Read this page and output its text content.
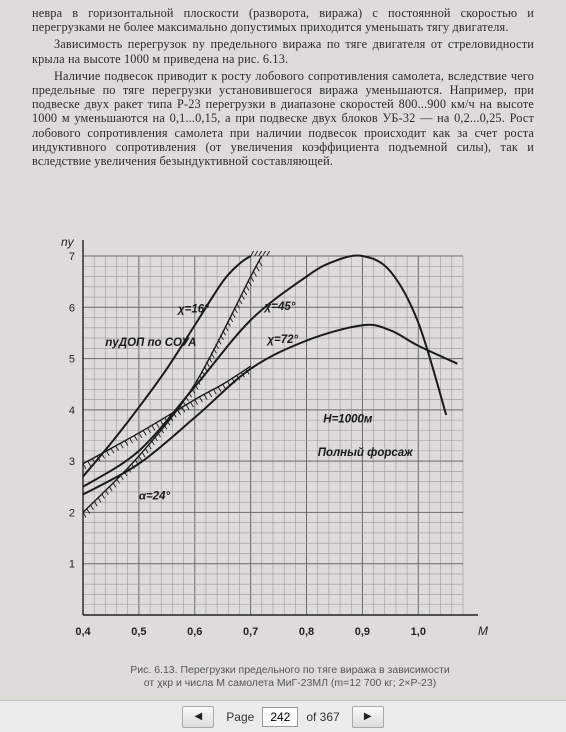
невра в горизонтальной плоскости (разворота, виража) с постоянной скоростью и перегрузками не более максимально допустимых приходится уменьшать тягу двигателя.

Зависимость перегрузок nу предельного виража по тяге двигателя от стреловидности крыла на высоте 1000 м приведена на рис. 6.13.

Наличие подвесок приводит к росту лобового сопротивления самолета, вследствие чего предельные по тяге перегрузки установившегося виража уменьшаются. Например, при подвеске двух ракет типа Р-23 перегрузки в диапазоне скоростей 800...900 км/ч на высоте 1000 м уменьшаются на 0,1...0,15, а при подвеске двух блоков УБ-32 — на 0,2...0,25. Рост лобового сопротивления самолета при наличии подвесок происходит как за счет роста индуктивного сопротивления (от увеличения коэффициента подъемной силы), так и вследствие увеличения безындуктивной составляющей.

0,4	0,5	0,6	0,7	0,8	0,9	1,0
1
2
3
4
5
6
7
M
ny
χ=16°	χ=45°
χ=72°
nуДОП по СОУА
α=24°
Н=1000м
Полный форсаж
Рис. 6.13. Перегрузки предельного по тяге виража в зависимости
от χкр и числа М самолета МиГ-23МЛ (m=12 700 кг; 2×Р-23)
◀ Page
242	of 367 ▶
